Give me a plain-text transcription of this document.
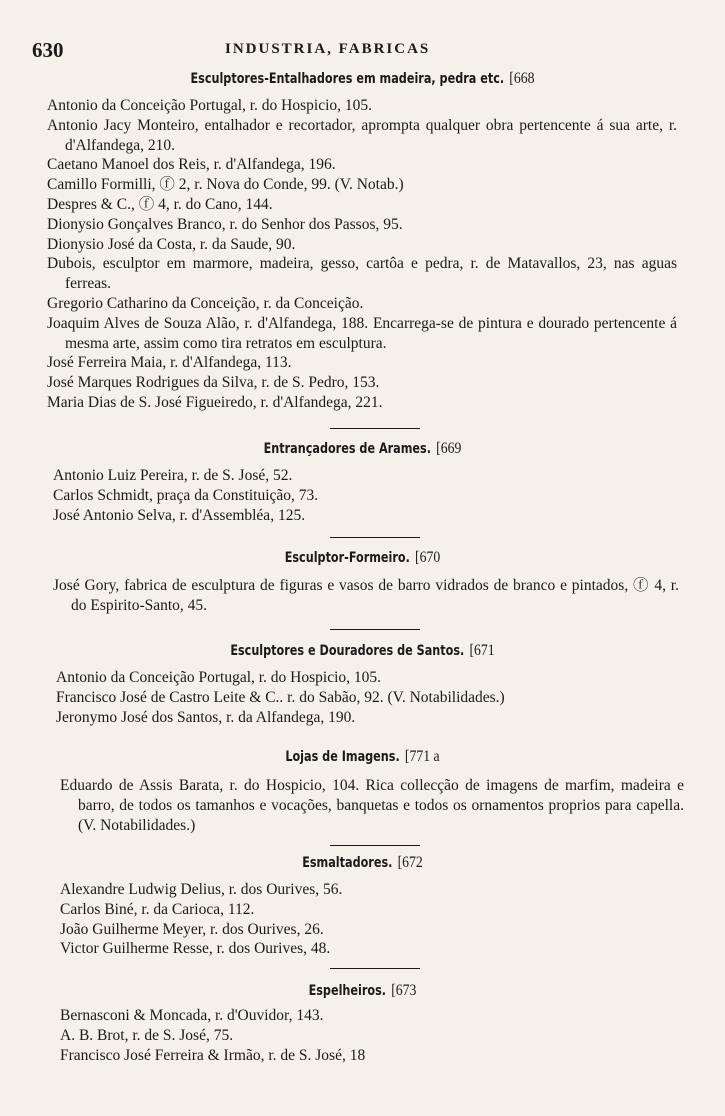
630	INDUSTRIA, FABRICAS
Esculptores-Entalhadores em madeira, pedra etc. [668

Antonio da Conceição Portugal, r. do Hospicio, 105.

Antonio Jacy Monteiro, entalhador e recortador, apromptа qualquer obra pertencente á sua arte, r. d'Alfandega, 210.

Caetano Manoel dos Reis, r. d'Alfandega, 196.

Camillo Formilli, ⓕ 2, r. Nova do Conde, 99. (V. Notab.)

Despres & C., ⓕ 4, r. do Cano, 144.

Dionysio Gonçalves Branco, r. do Senhor dos Passos, 95.

Dionysio José da Costa, r. da Saude, 90.

Dubois, esculptor em marmore, madeira, gesso, cartôa e pedra, r. de Matavallos, 23, nas aguas ferreas.

Gregorio Catharino da Conceição, r. da Conceição.

Joaquim Alves de Souza Alão, r. d'Alfandega, 188. Encarrega-se de pintura e dourado pertencente á mesma arte, assim como tira retratos em esculptura.

José Ferreira Maia, r. d'Alfandega, 113.

José Marques Rodrigues da Silva, r. de S. Pedro, 153.

Maria Dias de S. José Figueiredo, r. d'Alfandega, 221.

Entrançadores de Arames. [669

Antonio Luiz Pereira, r. de S. José, 52.

Carlos Schmidt, praça da Constituição, 73.

José Antonio Selva, r. d'Assembléa, 125.

Esculptor-Formeiro. [670

José Gory, fabrica de esculptura de figuras e vasos de barro vidrados de branco e pintados, ⓕ 4, r. do Espirito-Santo, 45.

Esculptores e Douradores de Santos. [671

Antonio da Conceição Portugal, r. do Hospicio, 105.

Francisco José de Castro Leite & C.. r. do Sabão, 92. (V. Notabilidades.)

Jeronymo José dos Santos, r. da Alfandega, 190.

Lojas de Imagens. [771 a

Eduardo de Assis Barata, r. do Hospicio, 104. Rica collecção de imagens de marfim, madeira e barro, de todos os tamanhos e vocações, banquetas e todos os ornamentos proprios para capella. (V. Notabilidades.)

Esmaltadores. [672

Alexandre Ludwig Delius, r. dos Ourives, 56.

Carlos Biné, r. da Carioca, 112.

João Guilherme Meyer, r. dos Ourives, 26.

Victor Guilherme Resse, r. dos Ourives, 48.

Espelheiros. [673

Bernasconi & Moncada, r. d'Ouvidor, 143.

A. B. Brot, r. de S. José, 75.

Francisco José Ferreira & Irmão, r. de S. José, 18
